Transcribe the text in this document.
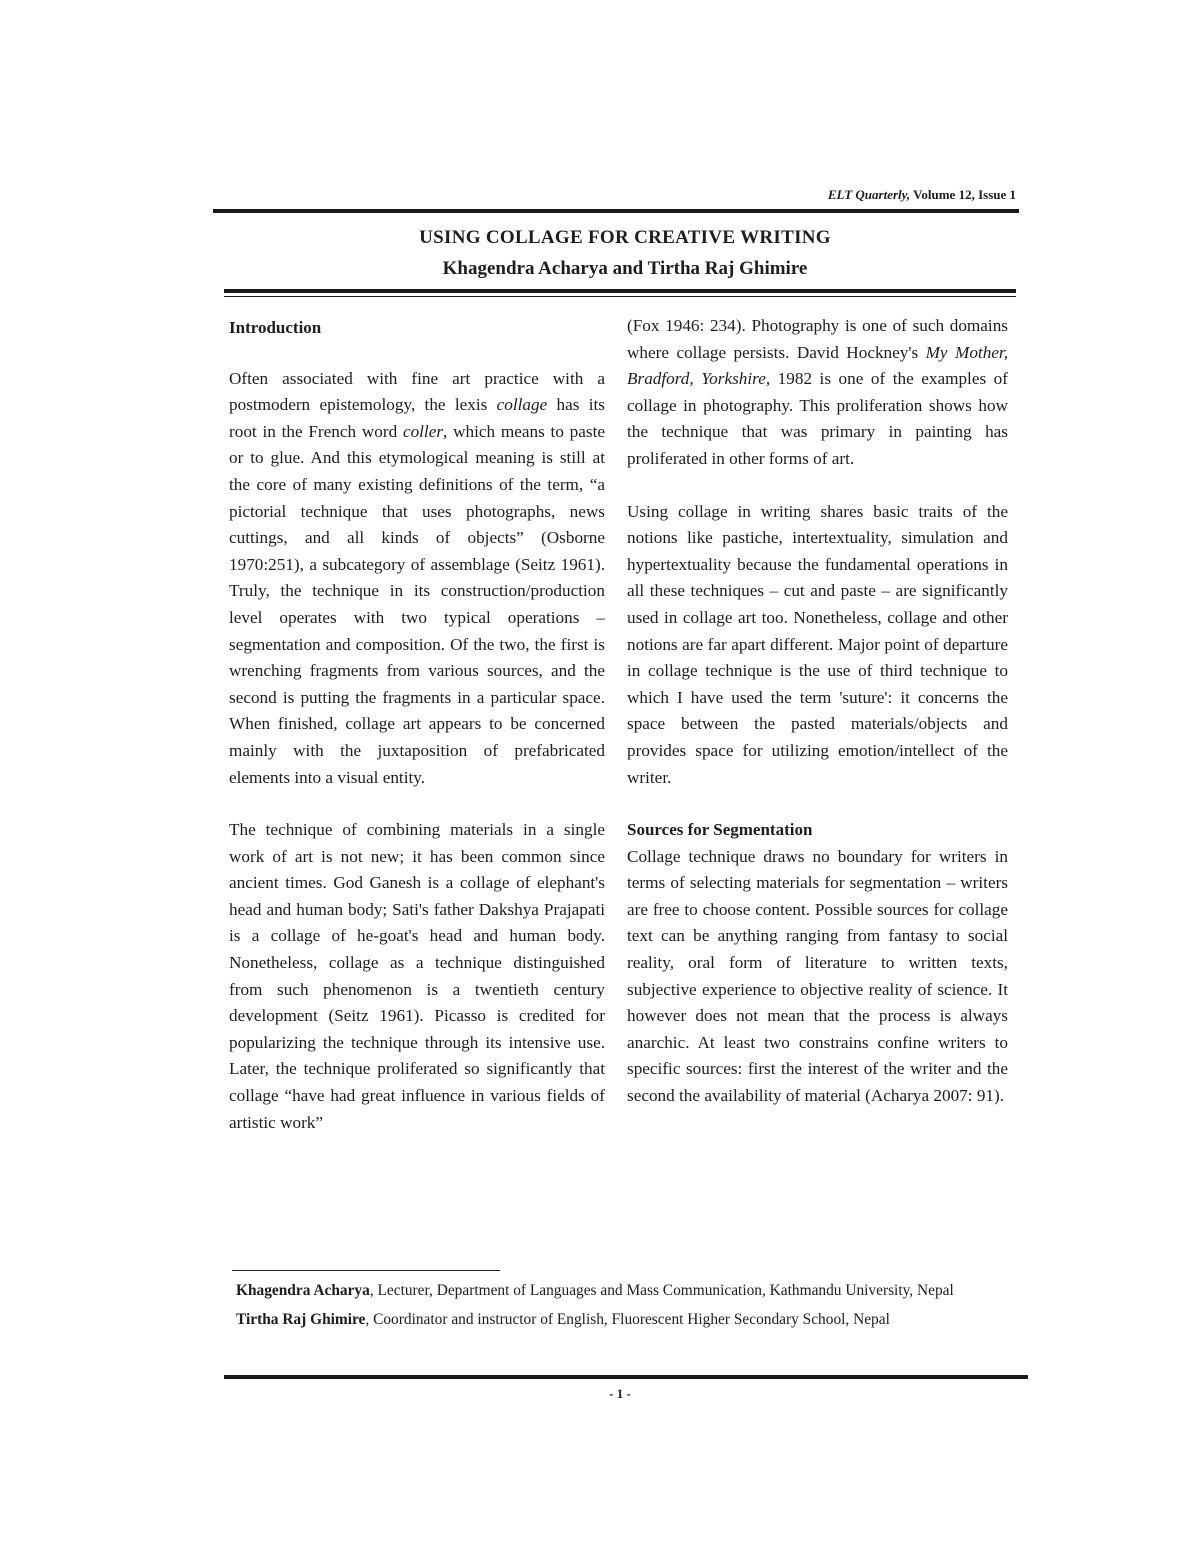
ELT Quarterly, Volume 12, Issue 1
USING COLLAGE FOR CREATIVE WRITING
Khagendra Acharya and Tirtha Raj Ghimire
Introduction

Often associated with fine art practice with a postmodern epistemology, the lexis collage has its root in the French word coller, which means to paste or to glue. And this etymological meaning is still at the core of many existing definitions of the term, “a pictorial technique that uses photographs, news cuttings, and all kinds of objects” (Osborne 1970:251), a subcategory of assemblage (Seitz 1961). Truly, the technique in its construction/production level operates with two typical operations – segmentation and composition. Of the two, the first is wrenching fragments from various sources, and the second is putting the fragments in a particular space. When finished, collage art appears to be concerned mainly with the juxtaposition of prefabricated elements into a visual entity.

The technique of combining materials in a single work of art is not new; it has been common since ancient times. God Ganesh is a collage of elephant's head and human body; Sati's father Dakshya Prajapati is a collage of he-goat's head and human body. Nonetheless, collage as a technique distinguished from such phenomenon is a twentieth century development (Seitz 1961). Picasso is credited for popularizing the technique through its intensive use. Later, the technique proliferated so significantly that collage “have had great influence in various fields of artistic work”

(Fox 1946: 234). Photography is one of such domains where collage persists. David Hockney's My Mother, Bradford, Yorkshire, 1982 is one of the examples of collage in photography. This proliferation shows how the technique that was primary in painting has proliferated in other forms of art.

Using collage in writing shares basic traits of the notions like pastiche, intertextuality, simulation and hypertextuality because the fundamental operations in all these techniques – cut and paste – are significantly used in collage art too. Nonetheless, collage and other notions are far apart different. Major point of departure in collage technique is the use of third technique to which I have used the term 'suture': it concerns the space between the pasted materials/objects and provides space for utilizing emotion/intellect of the writer.

Sources for Segmentation

Collage technique draws no boundary for writers in terms of selecting materials for segmentation – writers are free to choose content. Possible sources for collage text can be anything ranging from fantasy to social reality, oral form of literature to written texts, subjective experience to objective reality of science. It however does not mean that the process is always anarchic. At least two constrains confine writers to specific sources: first the interest of the writer and the second the availability of material (Acharya 2007: 91).

Khagendra Acharya, Lecturer, Department of Languages and Mass Communication, Kathmandu University, Nepal
Tirtha Raj Ghimire, Coordinator and instructor of English, Fluorescent Higher Secondary School, Nepal
- 1 -
